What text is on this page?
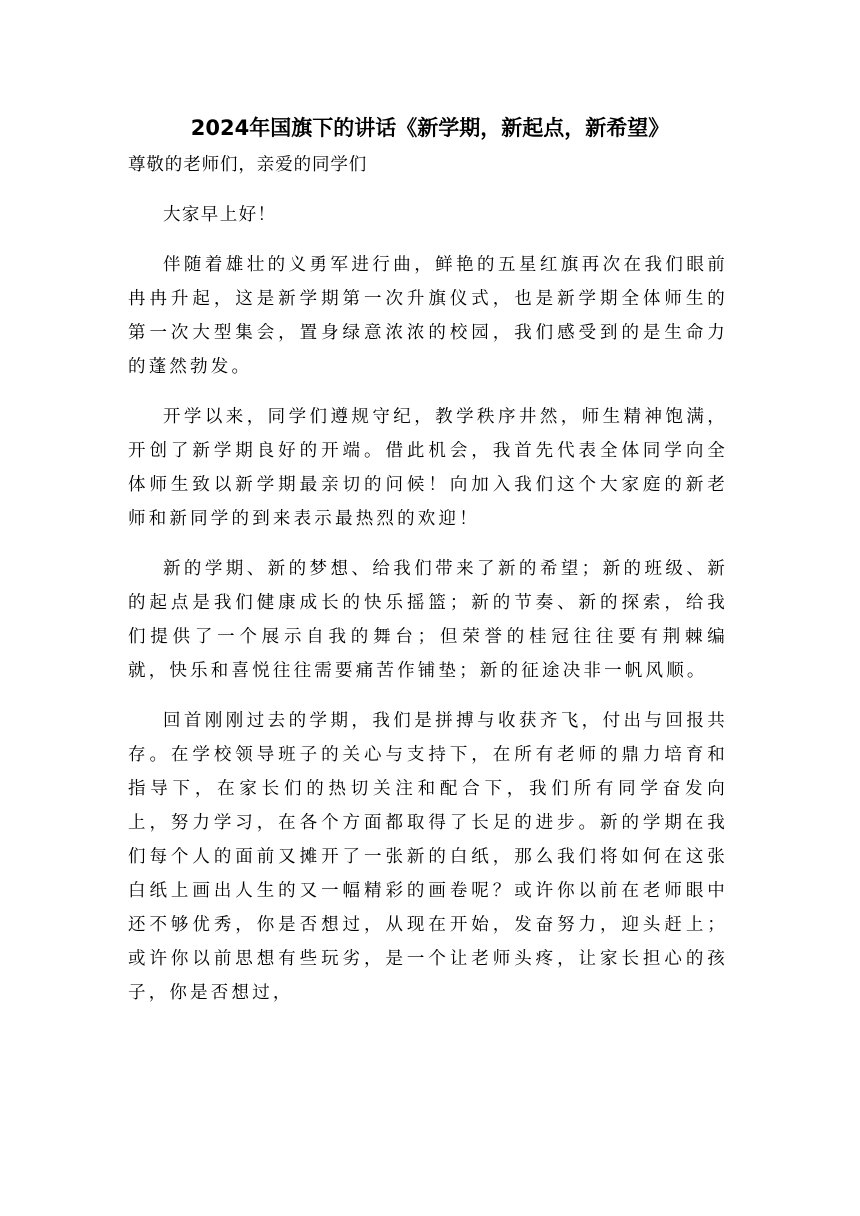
2024年国旗下的讲话《新学期，新起点，新希望》

尊敬的老师们，亲爱的同学们

大家早上好！

伴随着雄壮的义勇军进行曲，鲜艳的五星红旗再次在我们眼前冉冉升起，这是新学期第一次升旗仪式，也是新学期全体师生的第一次大型集会，置身绿意浓浓的校园，我们感受到的是生命力的蓬然勃发。

开学以来，同学们遵规守纪，教学秩序井然，师生精神饱满，开创了新学期良好的开端。借此机会，我首先代表全体同学向全体师生致以新学期最亲切的问候！向加入我们这个大家庭的新老师和新同学的到来表示最热烈的欢迎！

新的学期、新的梦想、给我们带来了新的希望；新的班级、新的起点是我们健康成长的快乐摇篮；新的节奏、新的探索，给我们提供了一个展示自我的舞台；但荣誉的桂冠往往要有荆棘编就，快乐和喜悦往往需要痛苦作铺垫；新的征途决非一帆风顺。

回首刚刚过去的学期，我们是拼搏与收获齐飞，付出与回报共存。在学校领导班子的关心与支持下，在所有老师的鼎力培育和指导下，在家长们的热切关注和配合下，我们所有同学奋发向上，努力学习，在各个方面都取得了长足的进步。新的学期在我们每个人的面前又摊开了一张新的白纸，那么我们将如何在这张白纸上画出人生的又一幅精彩的画卷呢？或许你以前在老师眼中还不够优秀，你是否想过，从现在开始，发奋努力，迎头赶上；或许你以前思想有些玩劣，是一个让老师头疼，让家长担心的孩子，你是否想过，
